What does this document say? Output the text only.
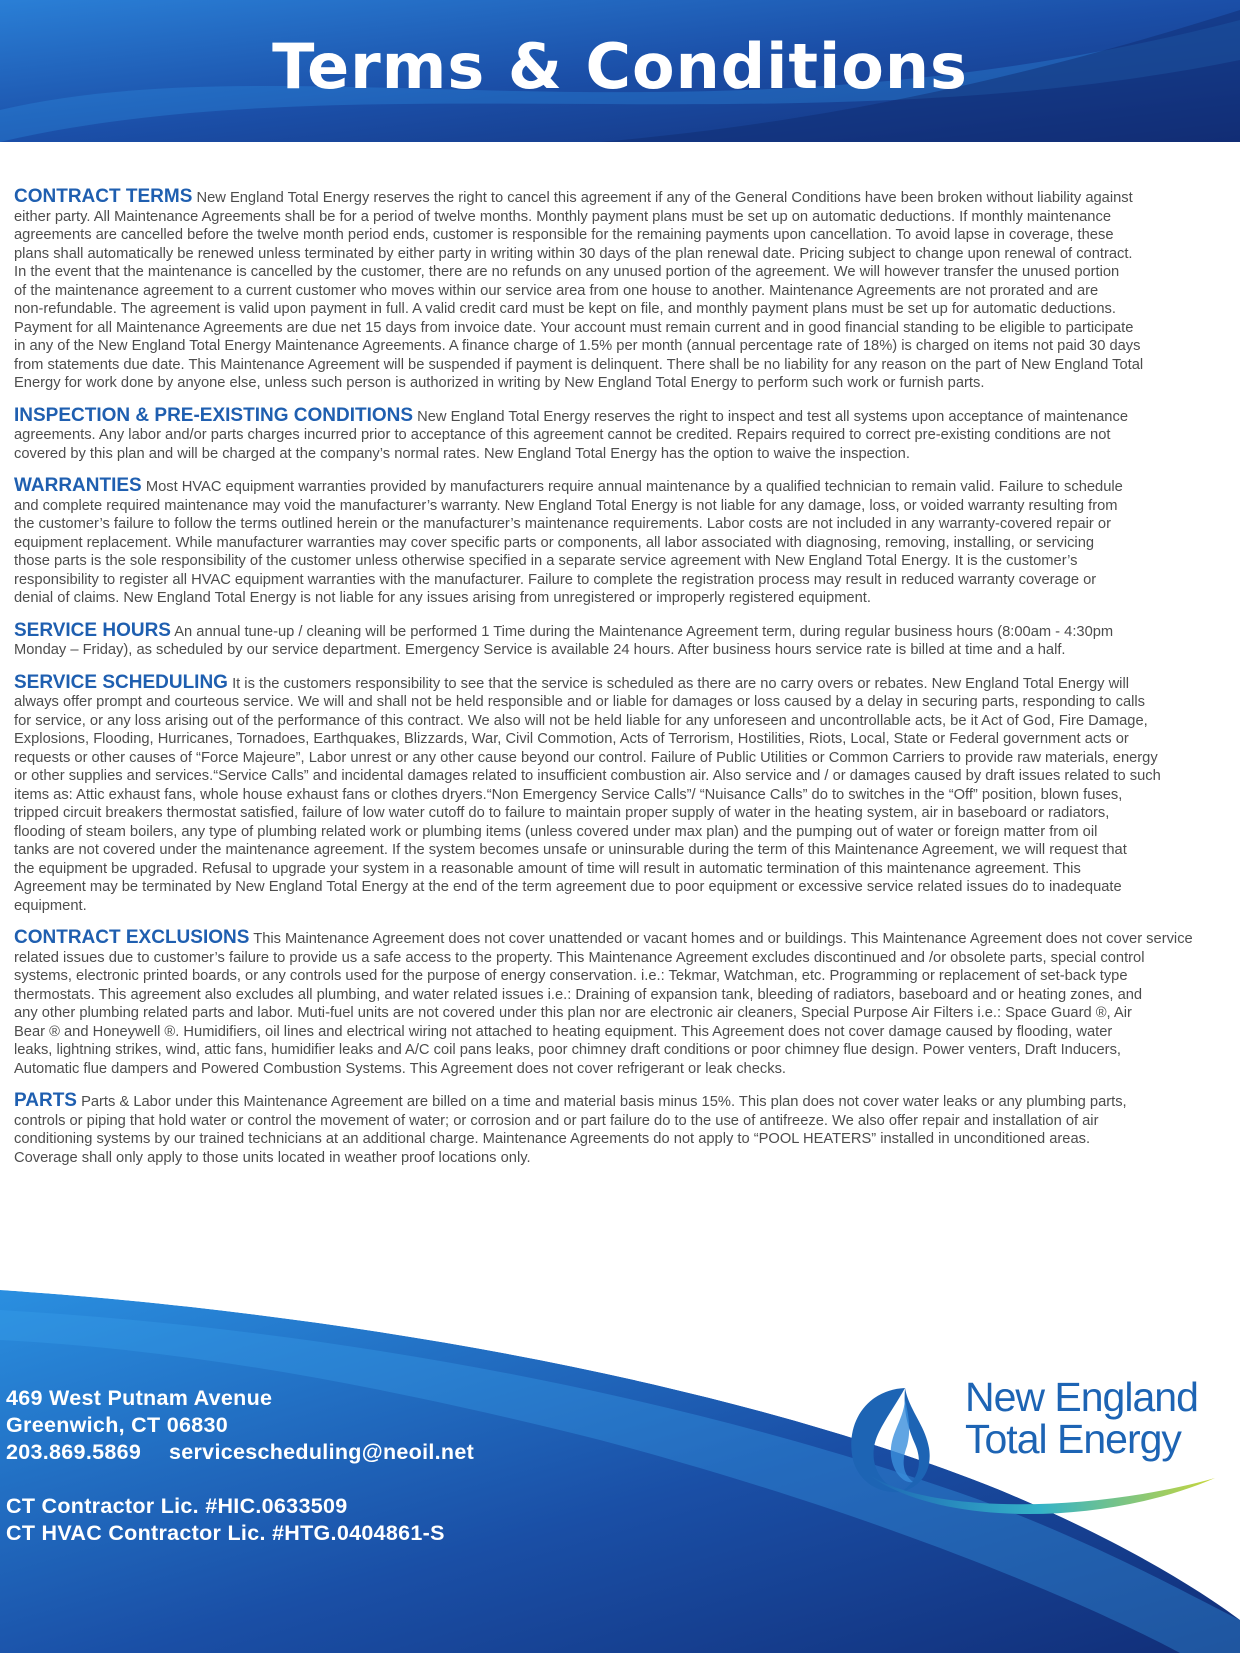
Terms & Conditions
CONTRACT TERMS New England Total Energy reserves the right to cancel this agreement if any of the General Conditions have been broken without liability against
either party. All Maintenance Agreements shall be for a period of twelve months. Monthly payment plans must be set up on automatic deductions. If monthly maintenance
agreements are cancelled before the twelve month period ends, customer is responsible for the remaining payments upon cancellation. To avoid lapse in coverage, these
plans shall automatically be renewed unless terminated by either party in writing within 30 days of the plan renewal date. Pricing subject to change upon renewal of contract.
In the event that the maintenance is cancelled by the customer, there are no refunds on any unused portion of the agreement. We will however transfer the unused portion
of the maintenance agreement to a current customer who moves within our service area from one house to another. Maintenance Agreements are not prorated and are
non-refundable. The agreement is valid upon payment in full. A valid credit card must be kept on file, and monthly payment plans must be set up for automatic deductions.
Payment for all Maintenance Agreements are due net 15 days from invoice date. Your account must remain current and in good financial standing to be eligible to participate
in any of the New England Total Energy Maintenance Agreements. A finance charge of 1.5% per month (annual percentage rate of 18%) is charged on items not paid 30 days
from statements due date. This Maintenance Agreement will be suspended if payment is delinquent. There shall be no liability for any reason on the part of New England Total
Energy for work done by anyone else, unless such person is authorized in writing by New England Total Energy to perform such work or furnish parts.
INSPECTION & PRE-EXISTING CONDITIONS New England Total Energy reserves the right to inspect and test all systems upon acceptance of maintenance
agreements. Any labor and/or parts charges incurred prior to acceptance of this agreement cannot be credited. Repairs required to correct pre-existing conditions are not
covered by this plan and will be charged at the company’s normal rates. New England Total Energy has the option to waive the inspection.
WARRANTIES Most HVAC equipment warranties provided by manufacturers require annual maintenance by a qualified technician to remain valid. Failure to schedule
and complete required maintenance may void the manufacturer’s warranty. New England Total Energy is not liable for any damage, loss, or voided warranty resulting from
the customer’s failure to follow the terms outlined herein or the manufacturer’s maintenance requirements. Labor costs are not included in any warranty-covered repair or
equipment replacement. While manufacturer warranties may cover specific parts or components, all labor associated with diagnosing, removing, installing, or servicing
those parts is the sole responsibility of the customer unless otherwise specified in a separate service agreement with New England Total Energy. It is the customer’s
responsibility to register all HVAC equipment warranties with the manufacturer. Failure to complete the registration process may result in reduced warranty coverage or
denial of claims. New England Total Energy is not liable for any issues arising from unregistered or improperly registered equipment.
SERVICE HOURS An annual tune-up / cleaning will be performed 1 Time during the Maintenance Agreement term, during regular business hours (8:00am - 4:30pm
Monday – Friday), as scheduled by our service department. Emergency Service is available 24 hours. After business hours service rate is billed at time and a half.
SERVICE SCHEDULING It is the customers responsibility to see that the service is scheduled as there are no carry overs or rebates. New England Total Energy will
always offer prompt and courteous service. We will and shall not be held responsible and or liable for damages or loss caused by a delay in securing parts, responding to calls
for service, or any loss arising out of the performance of this contract. We also will not be held liable for any unforeseen and uncontrollable acts, be it Act of God, Fire Damage,
Explosions, Flooding, Hurricanes, Tornadoes, Earthquakes, Blizzards, War, Civil Commotion, Acts of Terrorism, Hostilities, Riots, Local, State or Federal government acts or
requests or other causes of “Force Majeure”, Labor unrest or any other cause beyond our control. Failure of Public Utilities or Common Carriers to provide raw materials, energy
or other supplies and services.“Service Calls” and incidental damages related to insufficient combustion air. Also service and / or damages caused by draft issues related to such
items as: Attic exhaust fans, whole house exhaust fans or clothes dryers.“Non Emergency Service Calls”/ “Nuisance Calls” do to switches in the “Off” position, blown fuses,
tripped circuit breakers thermostat satisfied, failure of low water cutoff do to failure to maintain proper supply of water in the heating system, air in baseboard or radiators,
flooding of steam boilers, any type of plumbing related work or plumbing items (unless covered under max plan) and the pumping out of water or foreign matter from oil
tanks are not covered under the maintenance agreement. If the system becomes unsafe or uninsurable during the term of this Maintenance Agreement, we will request that
the equipment be upgraded. Refusal to upgrade your system in a reasonable amount of time will result in automatic termination of this maintenance agreement. This
Agreement may be terminated by New England Total Energy at the end of the term agreement due to poor equipment or excessive service related issues do to inadequate
equipment.
CONTRACT EXCLUSIONS This Maintenance Agreement does not cover unattended or vacant homes and or buildings. This Maintenance Agreement does not cover service
related issues due to customer’s failure to provide us a safe access to the property. This Maintenance Agreement excludes discontinued and /or obsolete parts, special control
systems, electronic printed boards, or any controls used for the purpose of energy conservation. i.e.: Tekmar, Watchman, etc. Programming or replacement of set-back type
thermostats. This agreement also excludes all plumbing, and water related issues i.e.: Draining of expansion tank, bleeding of radiators, baseboard and or heating zones, and
any other plumbing related parts and labor. Muti-fuel units are not covered under this plan nor are electronic air cleaners, Special Purpose Air Filters i.e.: Space Guard ®, Air
Bear ® and Honeywell ®. Humidifiers, oil lines and electrical wiring not attached to heating equipment. This Agreement does not cover damage caused by flooding, water
leaks, lightning strikes, wind, attic fans, humidifier leaks and A/C coil pans leaks, poor chimney draft conditions or poor chimney flue design. Power venters, Draft Inducers,
Automatic flue dampers and Powered Combustion Systems. This Agreement does not cover refrigerant or leak checks.
PARTS Parts & Labor under this Maintenance Agreement are billed on a time and material basis minus 15%. This plan does not cover water leaks or any plumbing parts,
controls or piping that hold water or control the movement of water; or corrosion and or part failure do to the use of antifreeze. We also offer repair and installation of air
conditioning systems by our trained technicians at an additional charge. Maintenance Agreements do not apply to “POOL HEATERS” installed in unconditioned areas.
Coverage shall only apply to those units located in weather proof locations only.
New England
Total Energy
469 West Putnam Avenue
Greenwich, CT 06830
203.869.5869 servicescheduling@neoil.net
CT Contractor Lic. #HIC.0633509
CT HVAC Contractor Lic. #HTG.0404861-S
